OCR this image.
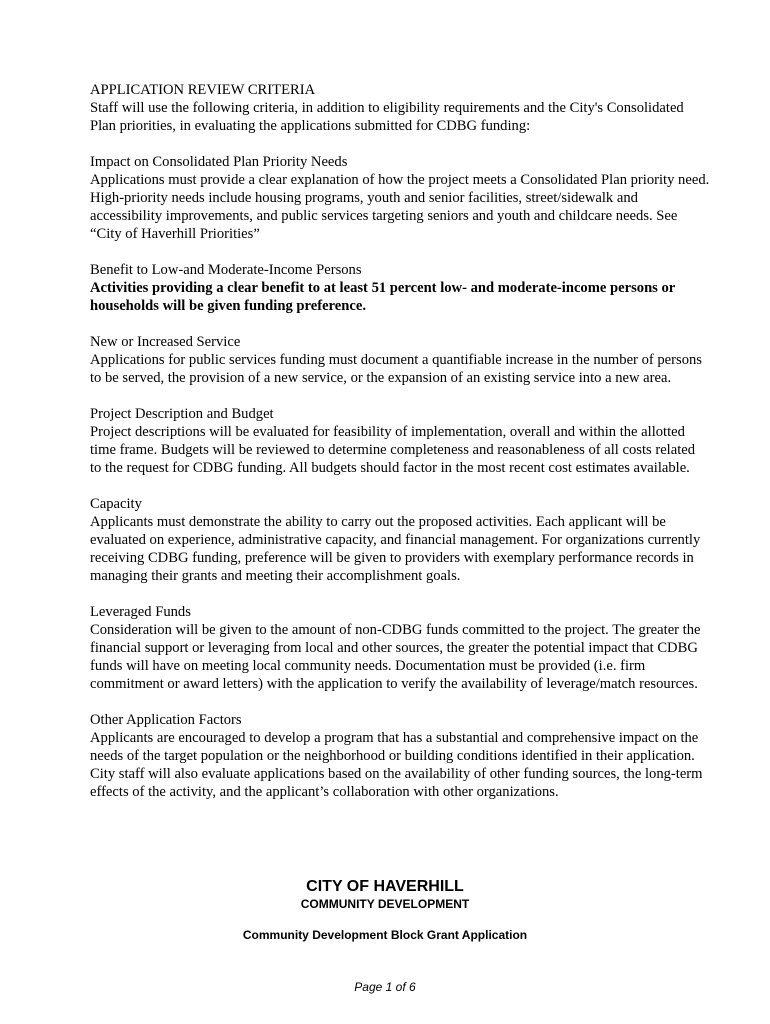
APPLICATION REVIEW CRITERIA

Staff will use the following criteria, in addition to eligibility requirements and the City's Consolidated Plan priorities, in evaluating the applications submitted for CDBG funding:

Impact on Consolidated Plan Priority Needs

Applications must provide a clear explanation of how the project meets a Consolidated Plan priority need. High-priority needs include housing programs, youth and senior facilities, street/sidewalk and accessibility improvements, and public services targeting seniors and youth and childcare needs. See “City of Haverhill Priorities”

Benefit to Low-and Moderate-Income Persons

Activities providing a clear benefit to at least 51 percent low- and moderate-income persons or households will be given funding preference.

New or Increased Service

Applications for public services funding must document a quantifiable increase in the number of persons to be served, the provision of a new service, or the expansion of an existing service into a new area.

Project Description and Budget

Project descriptions will be evaluated for feasibility of implementation, overall and within the allotted time frame. Budgets will be reviewed to determine completeness and reasonableness of all costs related to the request for CDBG funding. All budgets should factor in the most recent cost estimates available.

Capacity

Applicants must demonstrate the ability to carry out the proposed activities. Each applicant will be evaluated on experience, administrative capacity, and financial management. For organizations currently receiving CDBG funding, preference will be given to providers with exemplary performance records in managing their grants and meeting their accomplishment goals.

Leveraged Funds

Consideration will be given to the amount of non-CDBG funds committed to the project. The greater the financial support or leveraging from local and other sources, the greater the potential impact that CDBG funds will have on meeting local community needs. Documentation must be provided (i.e. firm commitment or award letters) with the application to verify the availability of leverage/match resources.

Other Application Factors

Applicants are encouraged to develop a program that has a substantial and comprehensive impact on the needs of the target population or the neighborhood or building conditions identified in their application. City staff will also evaluate applications based on the availability of other funding sources, the long-term effects of the activity, and the applicant’s collaboration with other organizations.

CITY OF HAVERHILL
COMMUNITY DEVELOPMENT
Community Development Block Grant Application
Page 1 of 6
